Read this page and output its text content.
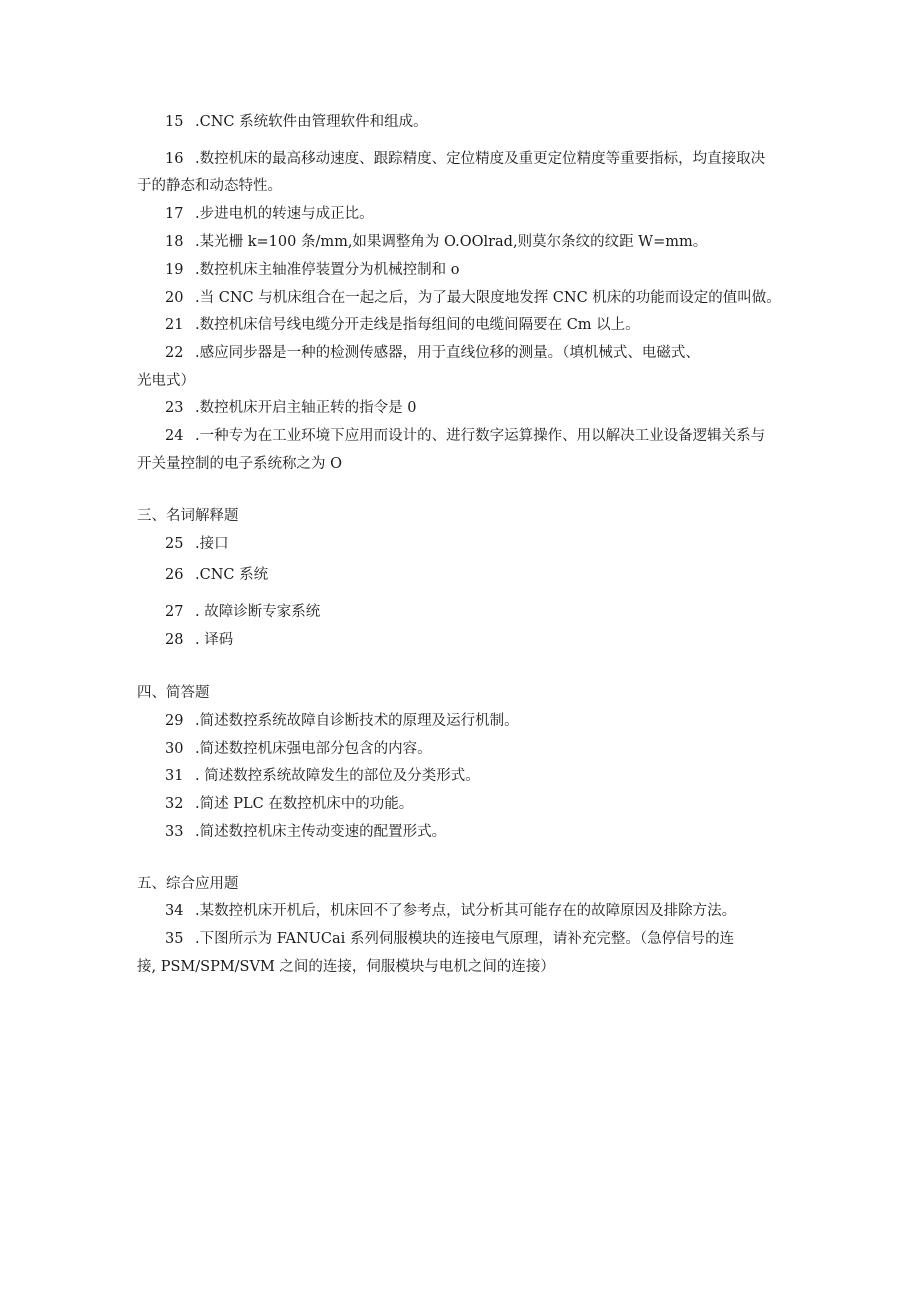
15 .CNC 系统软件由管理软件和组成。
16 .数控机床的最高移动速度、跟踪精度、定位精度及重更定位精度等重要指标，均直接取决
于的静态和动态特性。
17 .步进电机的转速与成正比。
18 .某光栅 k=100 条/mm,如果调整角为 O.OOlrad,则莫尔条纹的纹距 W=mm。
19 .数控机床主轴准停装置分为机械控制和 o
20 .当 CNC 与机床组合在一起之后，为了最大限度地发挥 CNC 机床的功能而设定的值叫做。
21 .数控机床信号线电缆分开走线是指每组间的电缆间隔要在 Cm 以上。
22 .感应同步器是一种的检测传感器，用于直线位移的测量。（填机械式、电磁式、
光电式）
23 .数控机床开启主轴正转的指令是 0
24 .一种专为在工业环境下应用而设计的、进行数字运算操作、用以解决工业设备逻辑关系与
开关量控制的电子系统称之为 O
三、名词解释题
25 .接口
26 .CNC 系统
27 . 故障诊断专家系统
28 . 译码
四、简答题
29 .简述数控系统故障自诊断技术的原理及运行机制。
30 .简述数控机床强电部分包含的内容。
31 . 简述数控系统故障发生的部位及分类形式。
32 .简述 PLC 在数控机床中的功能。
33 .简述数控机床主传动变速的配置形式。
五、综合应用题
34 .某数控机床开机后，机床回不了参考点，试分析其可能存在的故障原因及排除方法。
35 .下图所示为 FANUCai 系列伺服模块的连接电气原理，请补充完整。（急停信号的连
接, PSM/SPM/SVM 之间的连接，伺服模块与电机之间的连接）
